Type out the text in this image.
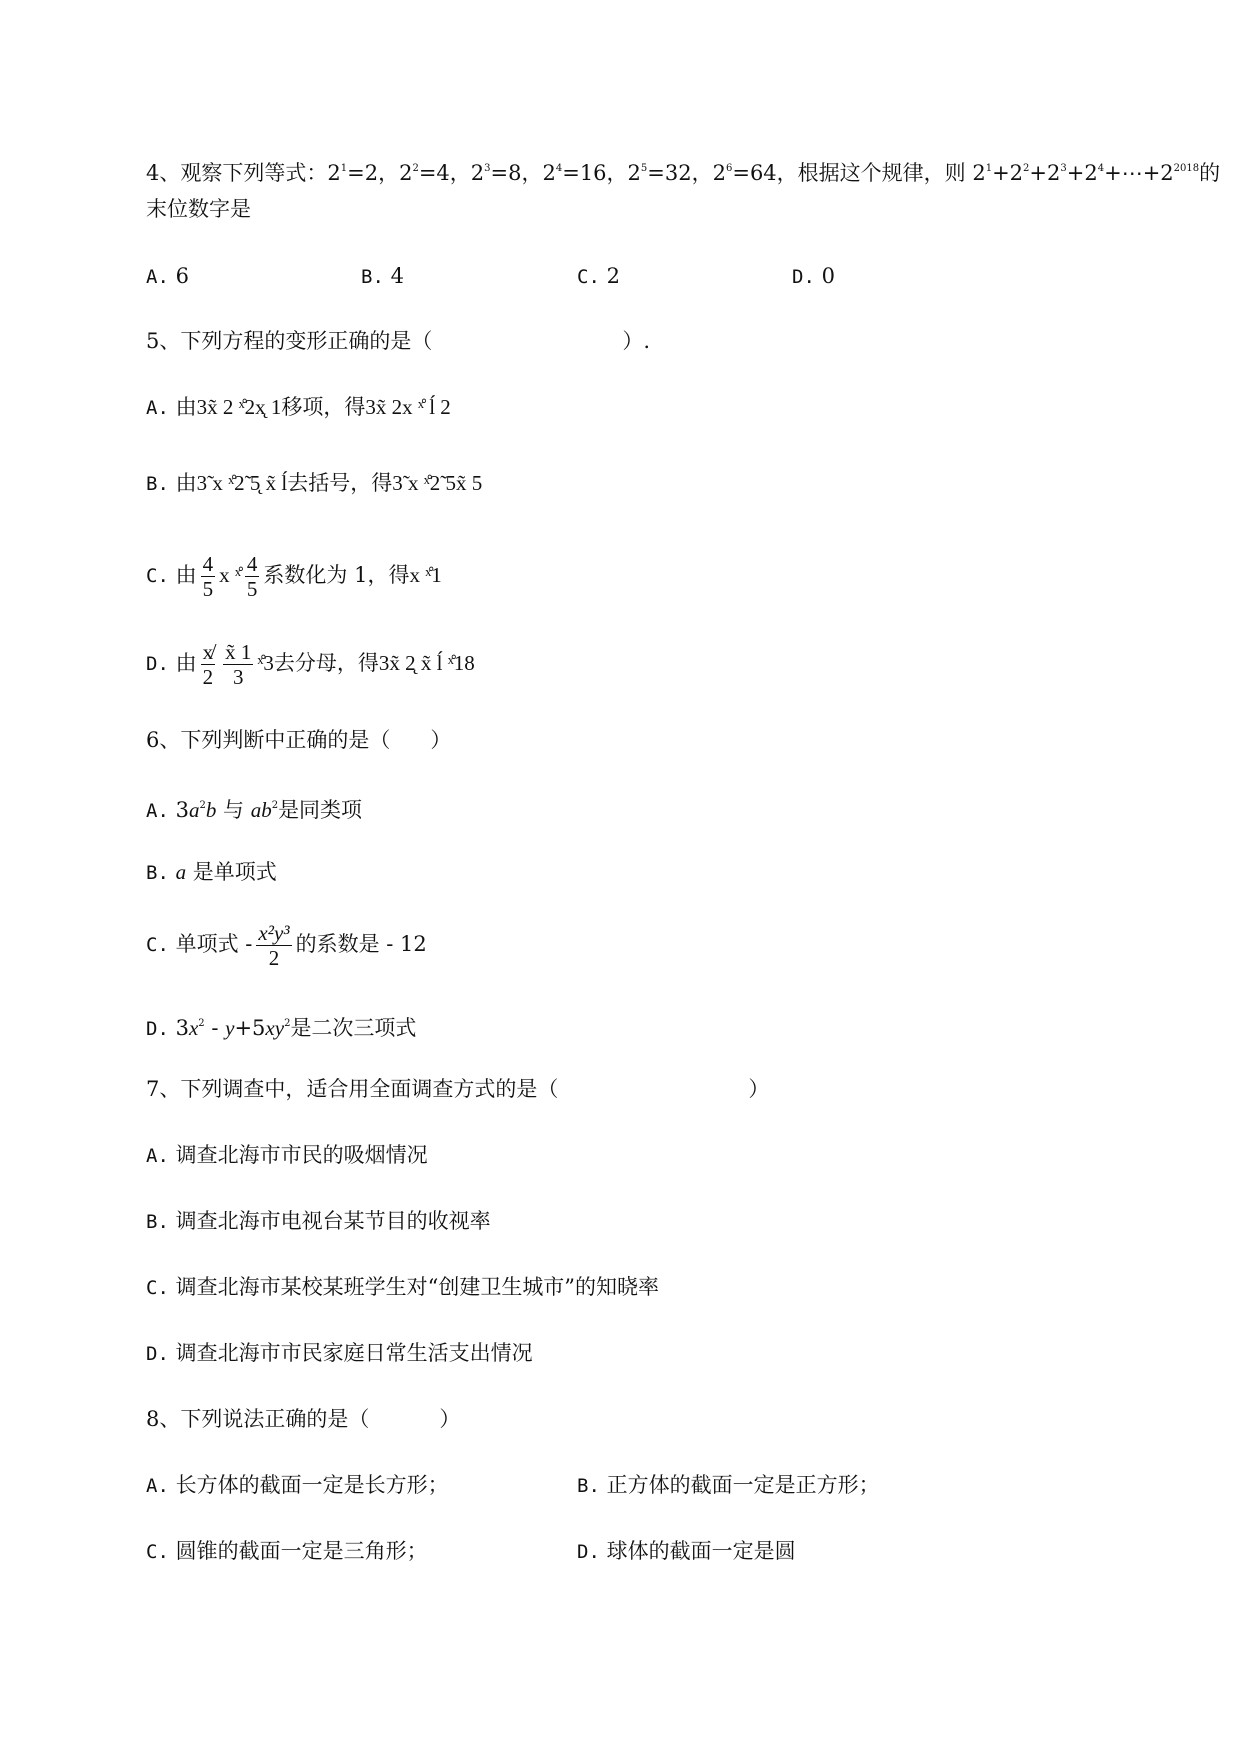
4、观察下列等式：$2^1=2$，$2^2=4$，$2^3=8$，$2^4=16$，$2^5=32$，$2^6=64$，根据这个规律，则 $2^1+2^2+2^3+2^4+\cdots+2^{2018}$的
末位数字是
A. 6	B. 4	C. 2	D. 0
5、下列方程的变形正确的是（	）.
A. 由3x̃ 2 ˣ̊2x̨ 1移项，得3x̃ 2x ˣ̊ ĺ 2
B. 由3̃ x ˣ̊2̃ 5̨ x̃ ĺ去括号，得3̃ x ˣ̊2̃ 5x̃ 5
C. 由 $\frac{4}{5}$ x ˣ̊ $\frac{4}{5}$ 系数化为 1，得x ˣ̊1
D. 由 $\frac{x̸}{2} \frac{x̃ 1}{3}$ ˣ̊3去分母，得3x̃ 2̨ x̃ ĺ ˣ̊18
6、下列判断中正确的是（ ）
A. $3a^2b$ 与 $ab^2$是同类项
B. a 是单项式
C. 单项式 - $\frac{\text{x²y³}}{2}$ 的系数是 - 12
D. $3x^2 - y+5xy^2$是二次三项式
7、下列调查中，适合用全面调查方式的是（	）
A. 调查北海市市民的吸烟情况
B. 调查北海市电视台某节目的收视率
C. 调查北海市某校某班学生对“创建卫生城市”的知晓率
D. 调查北海市市民家庭日常生活支出情况
8、下列说法正确的是（	）
A. 长方体的截面一定是长方形；	B. 正方体的截面一定是正方形；
C. 圆锥的截面一定是三角形；	D. 球体的截面一定是圆
